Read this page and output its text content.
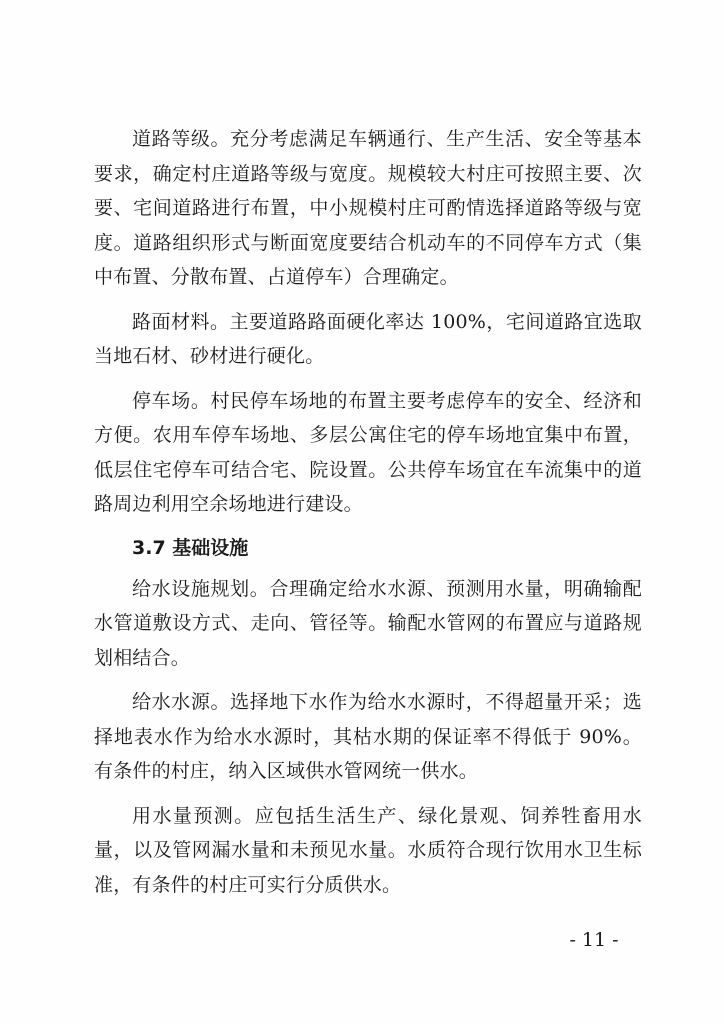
道路等级。充分考虑满足车辆通行、生产生活、安全等基本要求，确定村庄道路等级与宽度。规模较大村庄可按照主要、次要、宅间道路进行布置，中小规模村庄可酌情选择道路等级与宽度。道路组织形式与断面宽度要结合机动车的不同停车方式（集中布置、分散布置、占道停车）合理确定。

路面材料。主要道路路面硬化率达 100%，宅间道路宜选取当地石材、砂材进行硬化。

停车场。村民停车场地的布置主要考虑停车的安全、经济和方便。农用车停车场地、多层公寓住宅的停车场地宜集中布置，低层住宅停车可结合宅、院设置。公共停车场宜在车流集中的道路周边利用空余场地进行建设。

3.7 基础设施

给水设施规划。合理确定给水水源、预测用水量，明确输配水管道敷设方式、走向、管径等。输配水管网的布置应与道路规划相结合。

给水水源。选择地下水作为给水水源时，不得超量开采；选择地表水作为给水水源时，其枯水期的保证率不得低于 90%。有条件的村庄，纳入区域供水管网统一供水。

用水量预测。应包括生活生产、绿化景观、饲养牲畜用水量，以及管网漏水量和未预见水量。水质符合现行饮用水卫生标准，有条件的村庄可实行分质供水。

- 11 -
